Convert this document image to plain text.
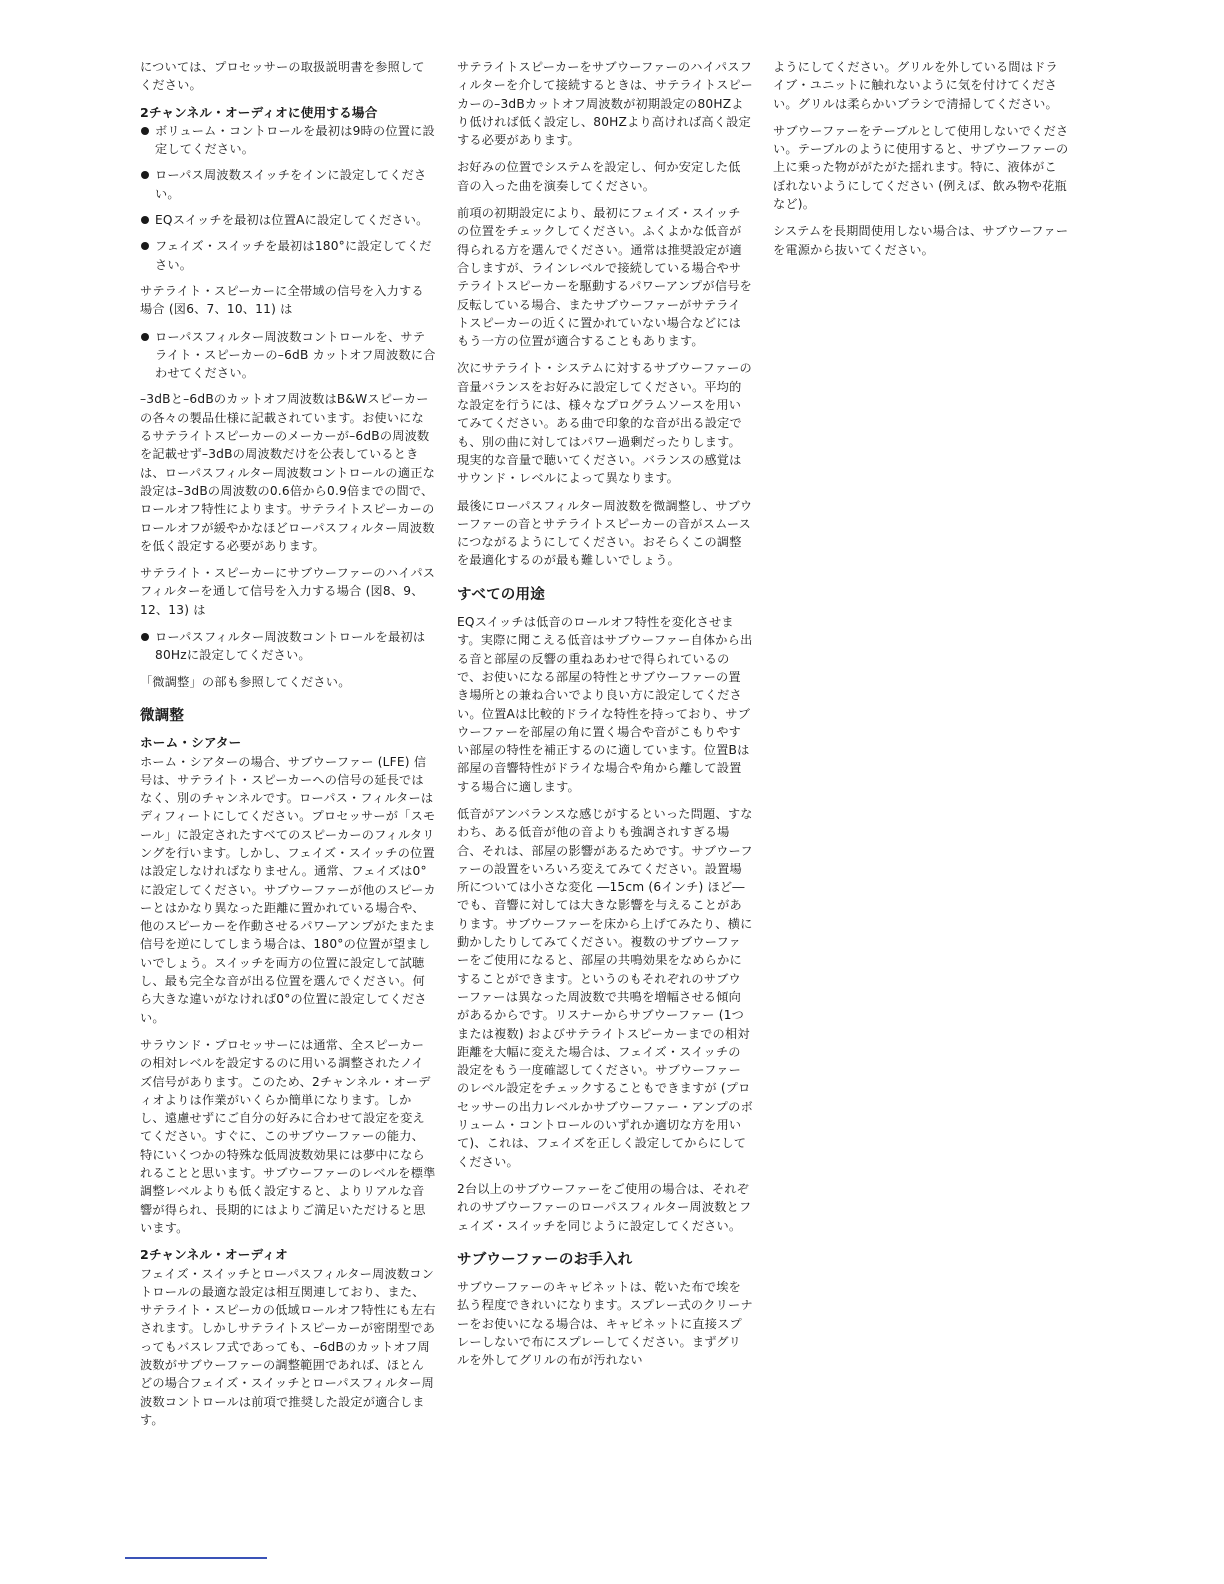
については、プロセッサーの取扱説明書を参照してください。

2チャンネル・オーディオに使用する場合
ボリューム・コントロールを最初は9時の位置に設定してください。
ローパス周波数スイッチをインに設定してください。
EQスイッチを最初は位置Aに設定してください。
フェイズ・スイッチを最初は180°に設定してください。

サテライト・スピーカーに全帯域の信号を入力する場合 (図6、7、10、11) は

ローパスフィルター周波数コントロールを、サテライト・スピーカーの–6dB カットオフ周波数に合わせてください。

–3dBと–6dBのカットオフ周波数はB&Wスピーカーの各々の製品仕様に記載されています。お使いになるサテライトスピーカーのメーカーが–6dBの周波数を記載せず–3dBの周波数だけを公表しているときは、ローパスフィルター周波数コントロールの適正な設定は–3dBの周波数の0.6倍から0.9倍までの間で、ロールオフ特性によります。サテライトスピーカーのロールオフが緩やかなほどローパスフィルター周波数を低く設定する必要があります。

サテライト・スピーカーにサブウーファーのハイパスフィルターを通して信号を入力する場合 (図8、9、12、13) は

ローパスフィルター周波数コントロールを最初は80Hzに設定してください。

「微調整」の部も参照してください。

微調整
ホーム・シアター

ホーム・シアターの場合、サブウーファー (LFE) 信号は、サテライト・スピーカーへの信号の延長ではなく、別のチャンネルです。ローパス・フィルターはディフィートにしてください。プロセッサーが「スモール」に設定されたすべてのスピーカーのフィルタリングを行います。しかし、フェイズ・スイッチの位置は設定しなければなりません。通常、フェイズは0°に設定してください。サブウーファーが他のスピーカーとはかなり異なった距離に置かれている場合や、他のスピーカーを作動させるパワーアンプがたまたま信号を逆にしてしまう場合は、180°の位置が望ましいでしょう。スイッチを両方の位置に設定して試聴し、最も完全な音が出る位置を選んでください。何ら大きな違いがなければ0°の位置に設定してください。

サラウンド・プロセッサーには通常、全スピーカーの相対レベルを設定するのに用いる調整されたノイズ信号があります。このため、2チャンネル・オーディオよりは作業がいくらか簡単になります。しかし、遠慮せずにご自分の好みに合わせて設定を変えてください。すぐに、このサブウーファーの能力、特にいくつかの特殊な低周波数効果には夢中になられることと思います。サブウーファーのレベルを標準調整レベルよりも低く設定すると、よりリアルな音響が得られ、長期的にはよりご満足いただけると思います。

2チャンネル・オーディオ

フェイズ・スイッチとローパスフィルター周波数コントロールの最適な設定は相互関連しており、また、サテライト・スピーカの低域ロールオフ特性にも左右されます。しかしサテライトスピーカーが密閉型であってもバスレフ式であっても、–6dBのカットオフ周波数がサブウーファーの調整範囲であれば、ほとんどの場合フェイズ・スイッチとローパスフィルター周波数コントロールは前項で推奨した設定が適合します。

サテライトスピーカーをサブウーファーのハイパスフィルターを介して接続するときは、サテライトスピーカーの–3dBカットオフ周波数が初期設定の80HZより低ければ低く設定し、80HZより高ければ高く設定する必要があります。

お好みの位置でシステムを設定し、何か安定した低音の入った曲を演奏してください。

前項の初期設定により、最初にフェイズ・スイッチの位置をチェックしてください。ふくよかな低音が得られる方を選んでください。通常は推奨設定が適合しますが、ラインレベルで接続している場合やサテライトスピーカーを駆動するパワーアンプが信号を反転している場合、またサブウーファーがサテライトスピーカーの近くに置かれていない場合などにはもう一方の位置が適合することもあります。

次にサテライト・システムに対するサブウーファーの音量バランスをお好みに設定してください。平均的な設定を行うには、様々なプログラムソースを用いてみてください。ある曲で印象的な音が出る設定でも、別の曲に対してはパワー過剰だったりします。現実的な音量で聴いてください。バランスの感覚はサウンド・レベルによって異なります。

最後にローパスフィルター周波数を微調整し、サブウーファーの音とサテライトスピーカーの音がスムースにつながるようにしてください。おそらくこの調整を最適化するのが最も難しいでしょう。

すべての用途

EQスイッチは低音のロールオフ特性を変化させます。実際に聞こえる低音はサブウーファー自体から出る音と部屋の反響の重ねあわせで得られているので、お使いになる部屋の特性とサブウーファーの置き場所との兼ね合いでより良い方に設定してください。位置Aは比較的ドライな特性を持っており、サブウーファーを部屋の角に置く場合や音がこもりやすい部屋の特性を補正するのに適しています。位置Bは部屋の音響特性がドライな場合や角から離して設置する場合に適します。

低音がアンバランスな感じがするといった問題、すなわち、ある低音が他の音よりも強調されすぎる場合、それは、部屋の影響があるためです。サブウーファーの設置をいろいろ変えてみてください。設置場所については小さな変化 ―15cm (6インチ) ほど― でも、音響に対しては大きな影響を与えることがあります。サブウーファーを床から上げてみたり、横に動かしたりしてみてください。複数のサブウーファーをご使用になると、部屋の共鳴効果をなめらかにすることができます。というのもそれぞれのサブウーファーは異なった周波数で共鳴を増幅させる傾向があるからです。リスナーからサブウーファー (1つまたは複数) およびサテライトスピーカーまでの相対距離を大幅に変えた場合は、フェイズ・スイッチの設定をもう一度確認してください。サブウーファーのレベル設定をチェックすることもできますが (プロセッサーの出力レベルかサブウーファー・アンプのボリューム・コントロールのいずれか適切な方を用いて)、これは、フェイズを正しく設定してからにしてください。

2台以上のサブウーファーをご使用の場合は、それぞれのサブウーファーのローパスフィルター周波数とフェイズ・スイッチを同じように設定してください。

サブウーファーのお手入れ

サブウーファーのキャビネットは、乾いた布で埃を払う程度できれいになります。スプレー式のクリーナーをお使いになる場合は、キャビネットに直接スプレーしないで布にスプレーしてください。まずグリルを外してグリルの布が汚れない

ようにしてください。グリルを外している間はドライブ・ユニットに触れないように気を付けてください。グリルは柔らかいブラシで清掃してください。

サブウーファーをテーブルとして使用しないでください。テーブルのように使用すると、サブウーファーの上に乗った物ががたがた揺れます。特に、液体がこぼれないようにしてください (例えば、飲み物や花瓶など)。

システムを長期間使用しない場合は、サブウーファーを電源から抜いてください。
